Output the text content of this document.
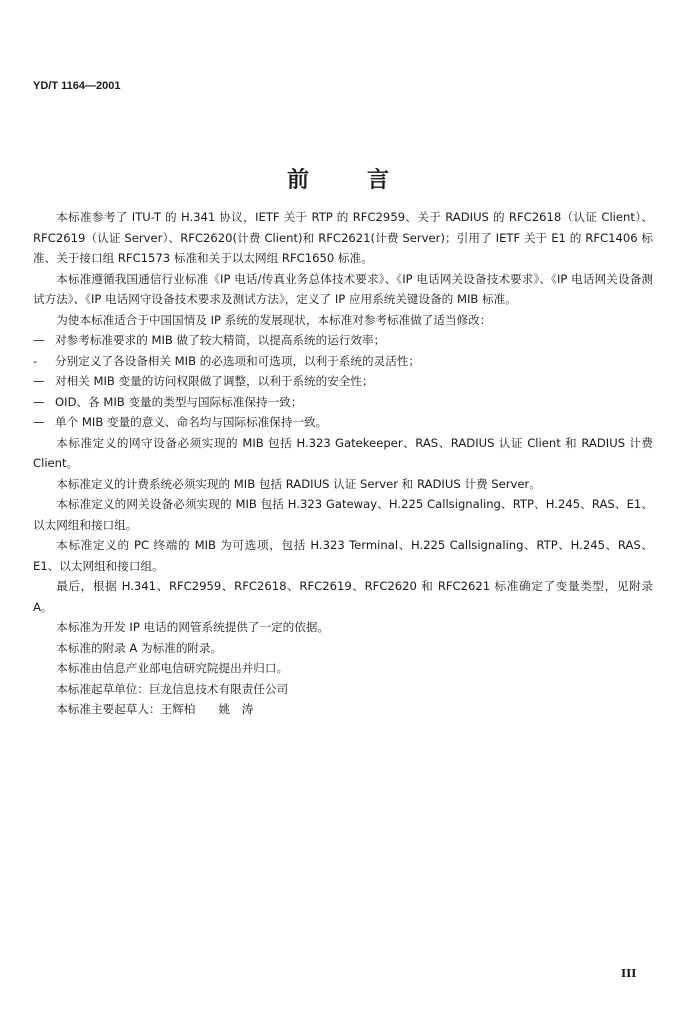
YD/T 1164—2001
前言

本标准参考了 ITU-T 的 H.341 协议，IETF 关于 RTP 的 RFC2959、关于 RADIUS 的 RFC2618（认证 Client）、RFC2619（认证 Server）、RFC2620(计费 Client)和 RFC2621(计费 Server)；引用了 IETF 关于 E1 的 RFC1406 标准、关于接口组 RFC1573 标准和关于以太网组 RFC1650 标准。

本标准遵循我国通信行业标准《IP 电话/传真业务总体技术要求》、《IP 电话网关设备技术要求》、《IP 电话网关设备测试方法》、《IP 电话网守设备技术要求及测试方法》，定义了 IP 应用系统关键设备的 MIB 标准。

为使本标准适合于中国国情及 IP 系统的发展现状，本标准对参考标准做了适当修改：

— 对参考标准要求的 MIB 做了较大精简，以提高系统的运行效率；

- 分别定义了各设备相关 MIB 的必选项和可选项，以利于系统的灵活性；

— 对相关 MIB 变量的访问权限做了调整，以利于系统的安全性；

— OID、各 MIB 变量的类型与国际标准保持一致；

— 单个 MIB 变量的意义、命名均与国际标准保持一致。

本标准定义的网守设备必须实现的 MIB 包括 H.323 Gatekeeper、RAS、RADIUS 认证 Client 和 RADIUS 计费 Client。

本标准定义的计费系统必须实现的 MIB 包括 RADIUS 认证 Server 和 RADIUS 计费 Server。

本标准定义的网关设备必须实现的 MIB 包括 H.323 Gateway、H.225 Callsignaling、RTP、H.245、RAS、E1、以太网组和接口组。

本标准定义的 PC 终端的 MIB 为可选项，包括 H.323 Terminal、H.225 Callsignaling、RTP、H.245、RAS、E1、以太网组和接口组。

最后，根据 H.341、RFC2959、RFC2618、RFC2619、RFC2620 和 RFC2621 标准确定了变量类型，见附录 A。

本标准为开发 IP 电话的网管系统提供了一定的依据。

本标准的附录 A 为标准的附录。

本标准由信息产业部电信研究院提出并归口。

本标准起草单位：巨龙信息技术有限责任公司

本标准主要起草人：王辉柏　　姚　涛

III
